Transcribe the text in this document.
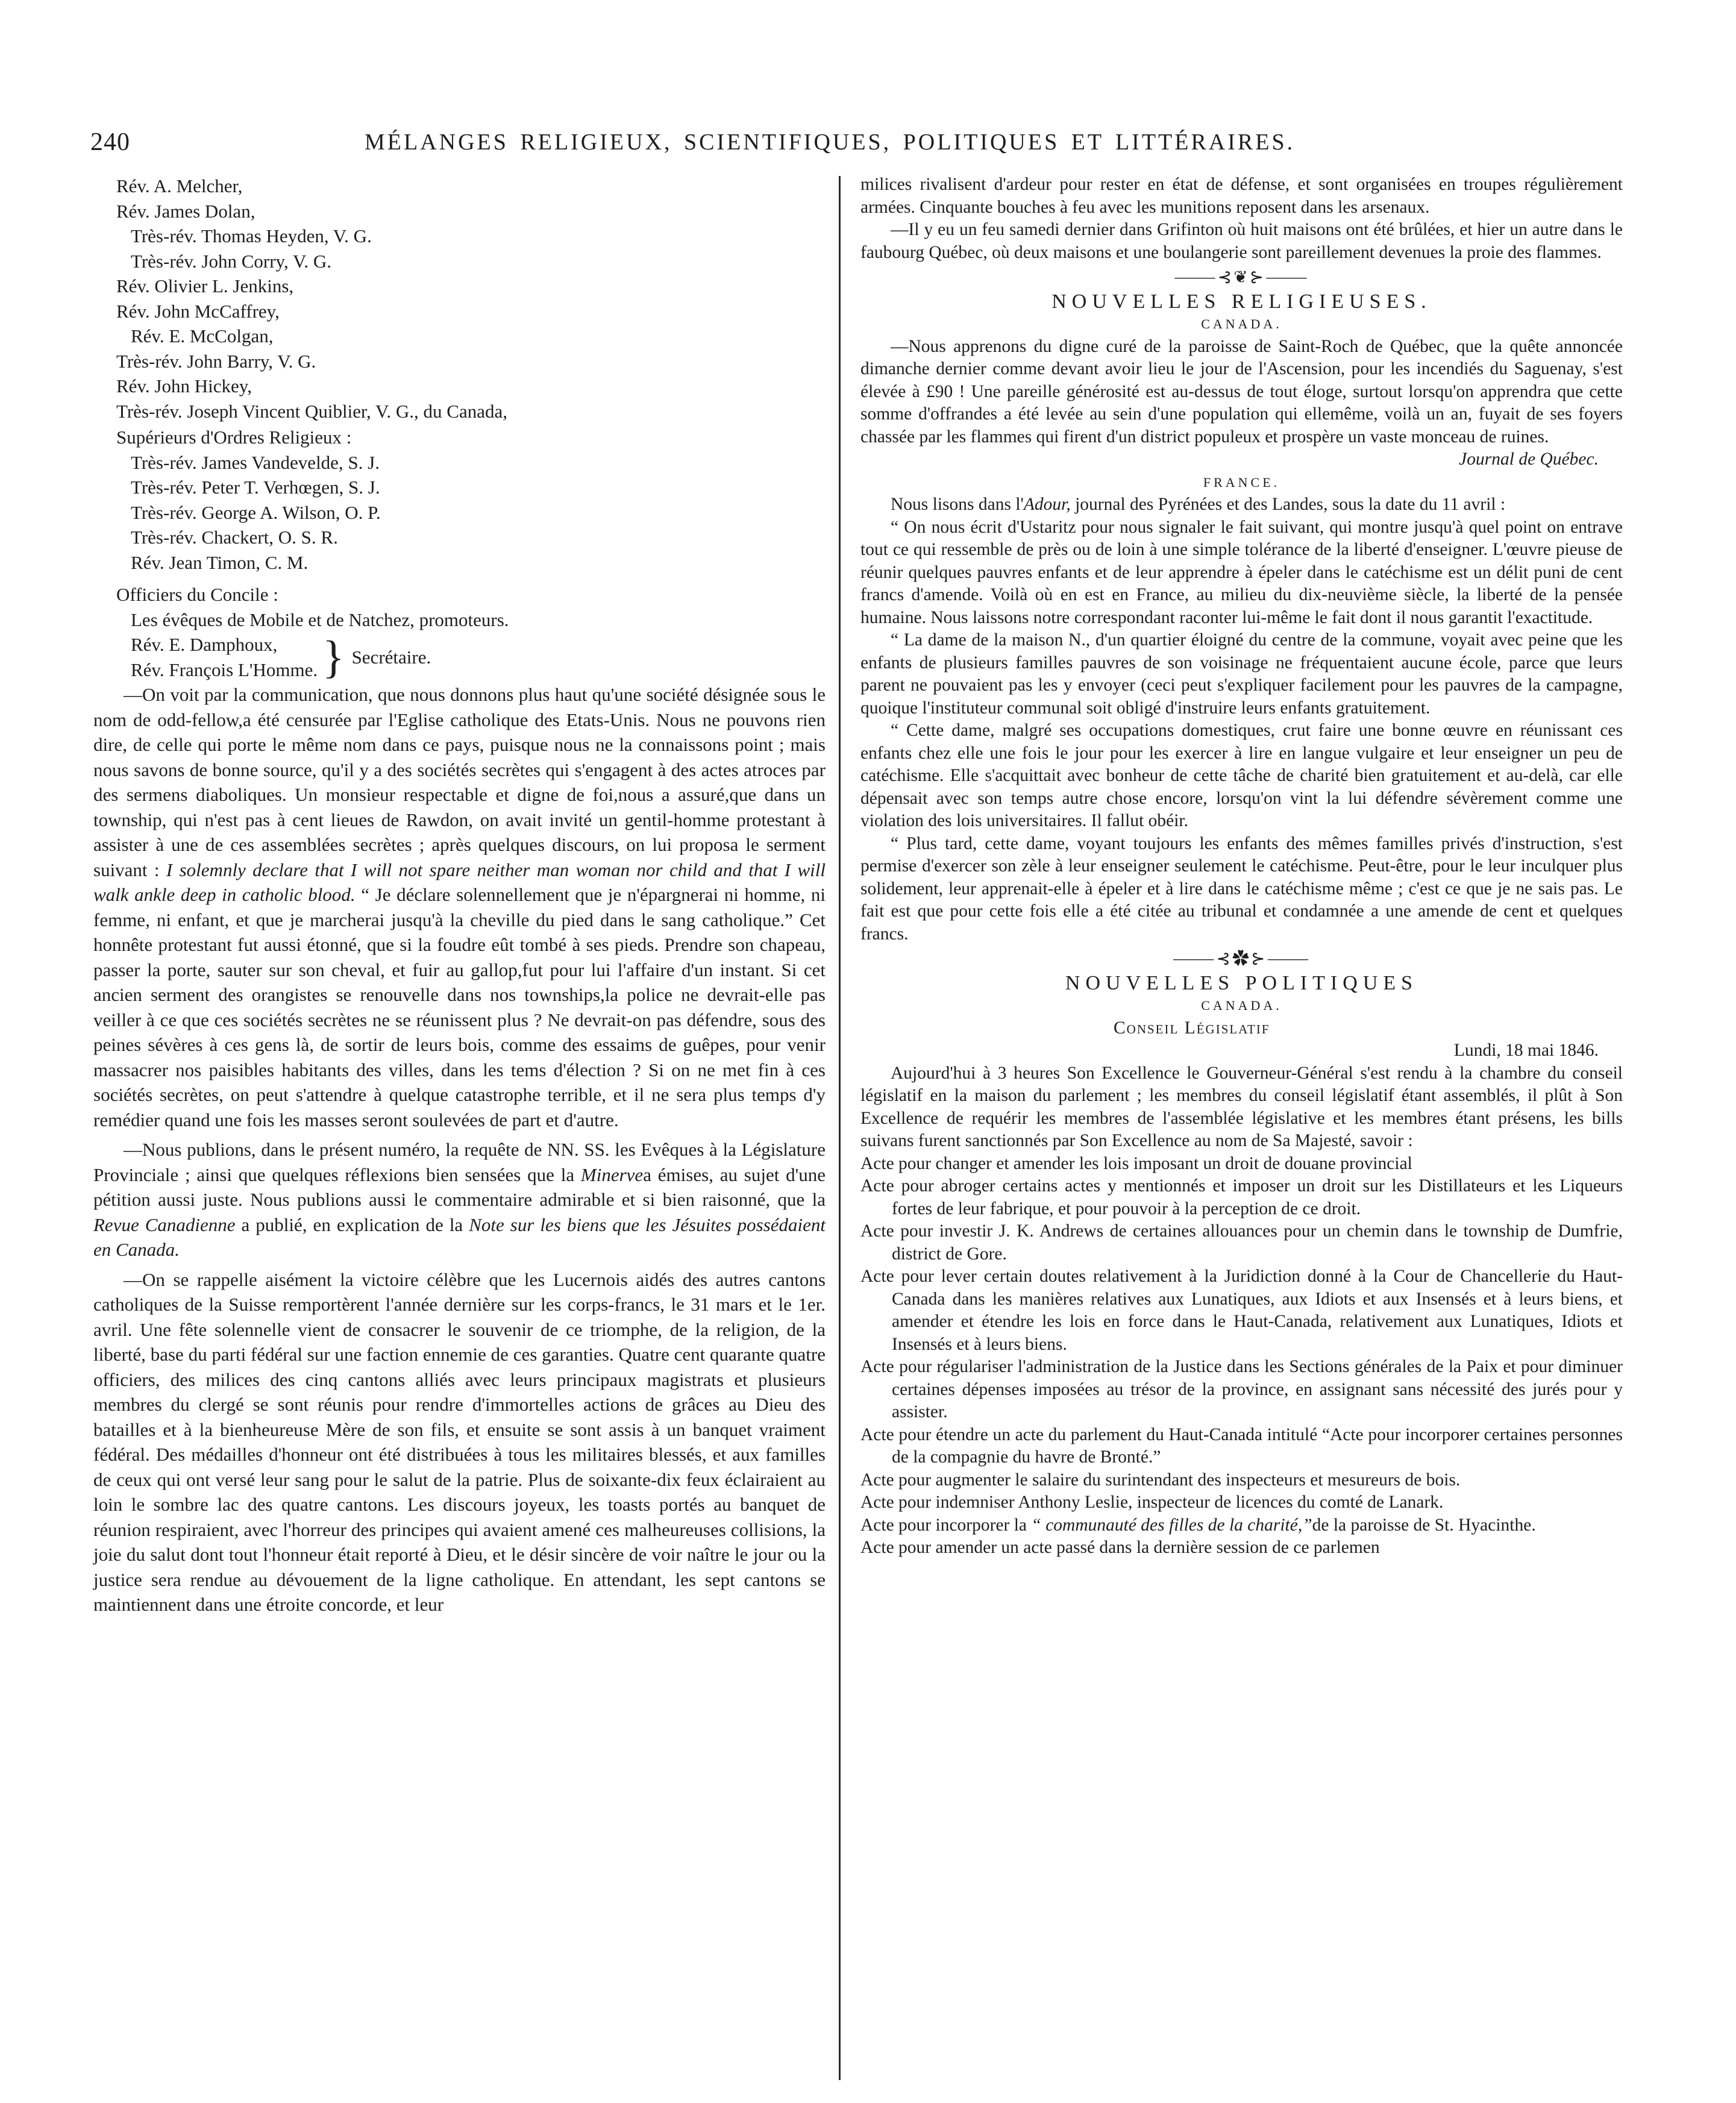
240	MÉLANGES RELIGIEUX, SCIENTIFIQUES, POLITIQUES ET LITTÉRAIRES.

Rév. A. Melcher,

Rév. James Dolan,

Très-rév. Thomas Heyden, V. G.

Très-rév. John Corry, V. G.

Rév. Olivier L. Jenkins,

Rév. John McCaffrey,

Rév. E. McColgan,

Très-rév. John Barry, V. G.

Rév. John Hickey,

Très-rév. Joseph Vincent Quiblier, V. G., du Canada,

Supérieurs d'Ordres Religieux :

Très-rév. James Vandevelde, S. J.

Très-rév. Peter T. Verhœgen, S. J.

Très-rév. George A. Wilson, O. P.

Très-rév. Chackert, O. S. R.

Rév. Jean Timon, C. M.

Officiers du Concile :

Les évêques de Mobile et de Natchez, promoteurs.

Rév. E. Damphoux,
Rév. François L'Homme. } Secrétaire.

—On voit par la communication, que nous donnons plus haut qu'une société désignée sous le nom de odd-fellow,a été censurée par l'Eglise catholique des Etats-Unis. Nous ne pouvons rien dire, de celle qui porte le même nom dans ce pays, puisque nous ne la connaissons point ; mais nous savons de bonne source, qu'il y a des sociétés secrètes qui s'engagent à des actes atroces par des sermens diaboliques. Un monsieur respectable et digne de foi,nous a assuré,que dans un township, qui n'est pas à cent lieues de Rawdon, on avait invité un gentil-homme protestant à assister à une de ces assemblées secrètes ; après quelques discours, on lui proposa le serment suivant : I solemnly declare that I will not spare neither man woman nor child and that I will walk ankle deep in catholic blood. “ Je déclare solennellement que je n'épargnerai ni homme, ni femme, ni enfant, et que je marcherai jusqu'à la cheville du pied dans le sang catholique.” Cet honnête protestant fut aussi étonné, que si la foudre eût tombé à ses pieds. Prendre son chapeau, passer la porte, sauter sur son cheval, et fuir au gallop,fut pour lui l'affaire d'un instant. Si cet ancien serment des orangistes se renouvelle dans nos townships,la police ne devrait-elle pas veiller à ce que ces sociétés secrètes ne se réunissent plus ? Ne devrait-on pas défendre, sous des peines sévères à ces gens là, de sortir de leurs bois, comme des essaims de guêpes, pour venir massacrer nos paisibles habitants des villes, dans les tems d'élection ? Si on ne met fin à ces sociétés secrètes, on peut s'attendre à quelque catastrophe terrible, et il ne sera plus temps d'y remédier quand une fois les masses seront soulevées de part et d'autre.

—Nous publions, dans le présent numéro, la requête de NN. SS. les Evêques à la Législature Provinciale ; ainsi que quelques réflexions bien sensées que la Minervea émises, au sujet d'une pétition aussi juste. Nous publions aussi le commentaire admirable et si bien raisonné, que la Revue Canadienne a publié, en explication de la Note sur les biens que les Jésuites possédaient en Canada.

—On se rappelle aisément la victoire célèbre que les Lucernois aidés des autres cantons catholiques de la Suisse remportèrent l'année dernière sur les corps-francs, le 31 mars et le 1er. avril. Une fête solennelle vient de consacrer le souvenir de ce triomphe, de la religion, de la liberté, base du parti fédéral sur une faction ennemie de ces garanties. Quatre cent quarante quatre officiers, des milices des cinq cantons alliés avec leurs principaux magistrats et plusieurs membres du clergé se sont réunis pour rendre d'immortelles actions de grâces au Dieu des batailles et à la bienheureuse Mère de son fils, et ensuite se sont assis à un banquet vraiment fédéral. Des médailles d'honneur ont été distribuées à tous les militaires blessés, et aux familles de ceux qui ont versé leur sang pour le salut de la patrie. Plus de soixante-dix feux éclairaient au loin le sombre lac des quatre cantons. Les discours joyeux, les toasts portés au banquet de réunion respiraient, avec l'horreur des principes qui avaient amené ces malheureuses collisions, la joie du salut dont tout l'honneur était reporté à Dieu, et le désir sincère de voir naître le jour ou la justice sera rendue au dévouement de la ligne catholique. En attendant, les sept cantons se maintiennent dans une étroite concorde, et leur

milices rivalisent d'ardeur pour rester en état de défense, et sont organisées en troupes régulièrement armées. Cinquante bouches à feu avec les munitions reposent dans les arsenaux.

—Il y eu un feu samedi dernier dans Grifinton où huit maisons ont été brûlées, et hier un autre dans le faubourg Québec, où deux maisons et une boulangerie sont pareillement devenues la proie des flammes.

⸻⊰❦⊱⸻

NOUVELLES RELIGIEUSES.

CANADA.

—Nous apprenons du digne curé de la paroisse de Saint-Roch de Québec, que la quête annoncée dimanche dernier comme devant avoir lieu le jour de l'Ascension, pour les incendiés du Saguenay, s'est élevée à £90 ! Une pareille générosité est au-dessus de tout éloge, surtout lorsqu'on apprendra que cette somme d'offrandes a été levée au sein d'une population qui ellemême, voilà un an, fuyait de ses foyers chassée par les flammes qui firent d'un district populeux et prospère un vaste monceau de ruines.

Journal de Québec.

FRANCE.

Nous lisons dans l'Adour, journal des Pyrénées et des Landes, sous la date du 11 avril :

“ On nous écrit d'Ustaritz pour nous signaler le fait suivant, qui montre jusqu'à quel point on entrave tout ce qui ressemble de près ou de loin à une simple tolérance de la liberté d'enseigner. L'œuvre pieuse de réunir quelques pauvres enfants et de leur apprendre à épeler dans le catéchisme est un délit puni de cent francs d'amende. Voilà où en est en France, au milieu du dix-neuvième siècle, la liberté de la pensée humaine. Nous laissons notre correspondant raconter lui-même le fait dont il nous garantit l'exactitude.

“ La dame de la maison N., d'un quartier éloigné du centre de la commune, voyait avec peine que les enfants de plusieurs familles pauvres de son voisinage ne fréquentaient aucune école, parce que leurs parent ne pouvaient pas les y envoyer (ceci peut s'expliquer facilement pour les pauvres de la campagne, quoique l'instituteur communal soit obligé d'instruire leurs enfants gratuitement.

“ Cette dame, malgré ses occupations domestiques, crut faire une bonne œuvre en réunissant ces enfants chez elle une fois le jour pour les exercer à lire en langue vulgaire et leur enseigner un peu de catéchisme. Elle s'acquittait avec bonheur de cette tâche de charité bien gratuitement et au-delà, car elle dépensait avec son temps autre chose encore, lorsqu'on vint la lui défendre sévèrement comme une violation des lois universitaires. Il fallut obéir.

“ Plus tard, cette dame, voyant toujours les enfants des mêmes familles privés d'instruction, s'est permise d'exercer son zèle à leur enseigner seulement le catéchisme. Peut-être, pour le leur inculquer plus solidement, leur apprenait-elle à épeler et à lire dans le catéchisme même ; c'est ce que je ne sais pas. Le fait est que pour cette fois elle a été citée au tribunal et condamnée a une amende de cent et quelques francs.

⸻⊰✿⊱⸻

NOUVELLES POLITIQUES

CANADA.

Conseil Législatif
Lundi, 18 mai 1846.

Aujourd'hui à 3 heures Son Excellence le Gouverneur-Général s'est rendu à la chambre du conseil législatif en la maison du parlement ; les membres du conseil législatif étant assemblés, il plût à Son Excellence de requérir les membres de l'assemblée législative et les membres étant présens, les bills suivans furent sanctionnés par Son Excellence au nom de Sa Majesté, savoir :

Acte pour changer et amender les lois imposant un droit de douane provincial

Acte pour abroger certains actes y mentionnés et imposer un droit sur les Distillateurs et les Liqueurs fortes de leur fabrique, et pour pouvoir à la perception de ce droit.

Acte pour investir J. K. Andrews de certaines allouances pour un chemin dans le township de Dumfrie, district de Gore.

Acte pour lever certain doutes relativement à la Juridiction donné à la Cour de Chancellerie du Haut-Canada dans les manières relatives aux Lunatiques, aux Idiots et aux Insensés et à leurs biens, et amender et étendre les lois en force dans le Haut-Canada, relativement aux Lunatiques, Idiots et Insensés et à leurs biens.

Acte pour régulariser l'administration de la Justice dans les Sections générales de la Paix et pour diminuer certaines dépenses imposées au trésor de la province, en assignant sans nécessité des jurés pour y assister.

Acte pour étendre un acte du parlement du Haut-Canada intitulé “Acte pour incorporer certaines personnes de la compagnie du havre de Bronté.”

Acte pour augmenter le salaire du surintendant des inspecteurs et mesureurs de bois.

Acte pour indemniser Anthony Leslie, inspecteur de licences du comté de Lanark.

Acte pour incorporer la “ communauté des filles de la charité,”de la paroisse de St. Hyacinthe.

Acte pour amender un acte passé dans la dernière session de ce parlemen
